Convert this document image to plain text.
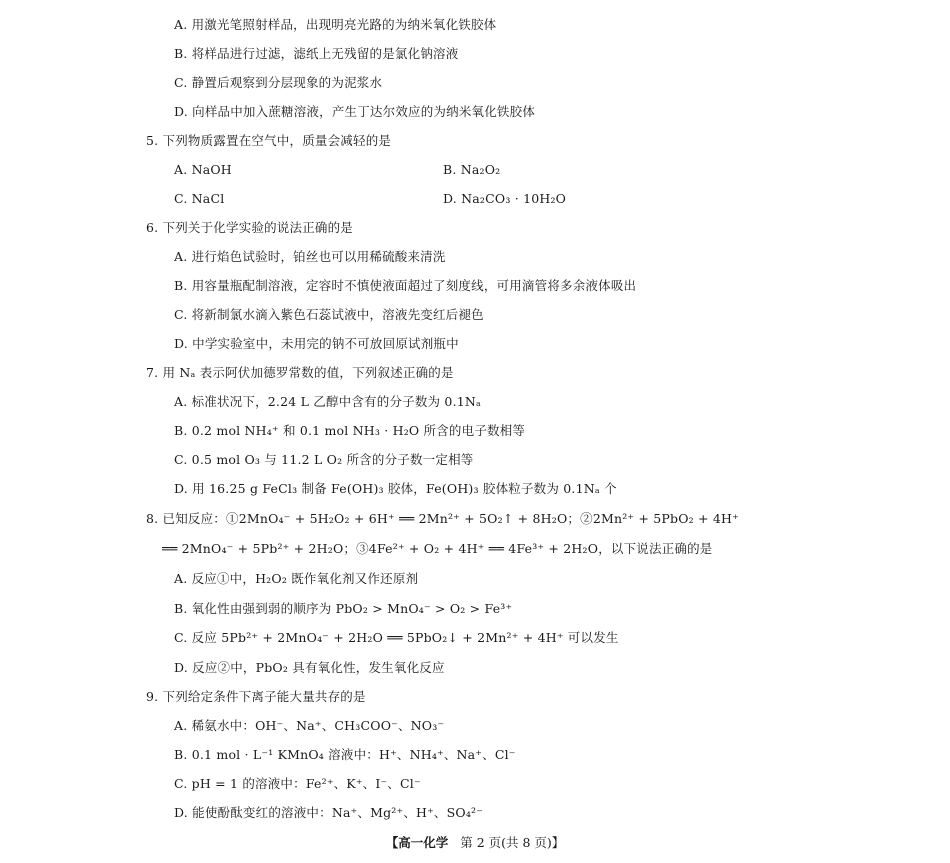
A. 用激光笔照射样品，出现明亮光路的为纳米氧化铁胶体
B. 将样品进行过滤，滤纸上无残留的是氯化钠溶液
C. 静置后观察到分层现象的为泥浆水
D. 向样品中加入蔗糖溶液，产生丁达尔效应的为纳米氧化铁胶体
5. 下列物质露置在空气中，质量会减轻的是
A. NaOH	B. Na₂O₂
C. NaCl	D. Na₂CO₃ · 10H₂O
6. 下列关于化学实验的说法正确的是
A. 进行焰色试验时，铂丝也可以用稀硫酸来清洗
B. 用容量瓶配制溶液，定容时不慎使液面超过了刻度线，可用滴管将多余液体吸出
C. 将新制氯水滴入紫色石蕊试液中，溶液先变红后褪色
D. 中学实验室中，未用完的钠不可放回原试剂瓶中
7. 用 Nₐ 表示阿伏加德罗常数的值，下列叙述正确的是
A. 标准状况下，2.24 L 乙醇中含有的分子数为 0.1Nₐ
B. 0.2 mol NH₄⁺ 和 0.1 mol NH₃ · H₂O 所含的电子数相等
C. 0.5 mol O₃ 与 11.2 L O₂ 所含的分子数一定相等
D. 用 16.25 g FeCl₃ 制备 Fe(OH)₃ 胶体，Fe(OH)₃ 胶体粒子数为 0.1Nₐ 个
8. 已知反应：①2MnO₄⁻ + 5H₂O₂ + 6H⁺ ══ 2Mn²⁺ + 5O₂↑ + 8H₂O；②2Mn²⁺ + 5PbO₂ + 4H⁺
══ 2MnO₄⁻ + 5Pb²⁺ + 2H₂O；③4Fe²⁺ + O₂ + 4H⁺ ══ 4Fe³⁺ + 2H₂O，以下说法正确的是
A. 反应①中，H₂O₂ 既作氧化剂又作还原剂
B. 氧化性由强到弱的顺序为 PbO₂ > MnO₄⁻ > O₂ > Fe³⁺
C. 反应 5Pb²⁺ + 2MnO₄⁻ + 2H₂O ══ 5PbO₂↓ + 2Mn²⁺ + 4H⁺ 可以发生
D. 反应②中，PbO₂ 具有氧化性，发生氧化反应
9. 下列给定条件下离子能大量共存的是
A. 稀氨水中：OH⁻、Na⁺、CH₃COO⁻、NO₃⁻
B. 0.1 mol · L⁻¹ KMnO₄ 溶液中：H⁺、NH₄⁺、Na⁺、Cl⁻
C. pH = 1 的溶液中：Fe²⁺、K⁺、I⁻、Cl⁻
D. 能使酚酞变红的溶液中：Na⁺、Mg²⁺、H⁺、SO₄²⁻
【高一化学 第 2 页(共 8 页)】
